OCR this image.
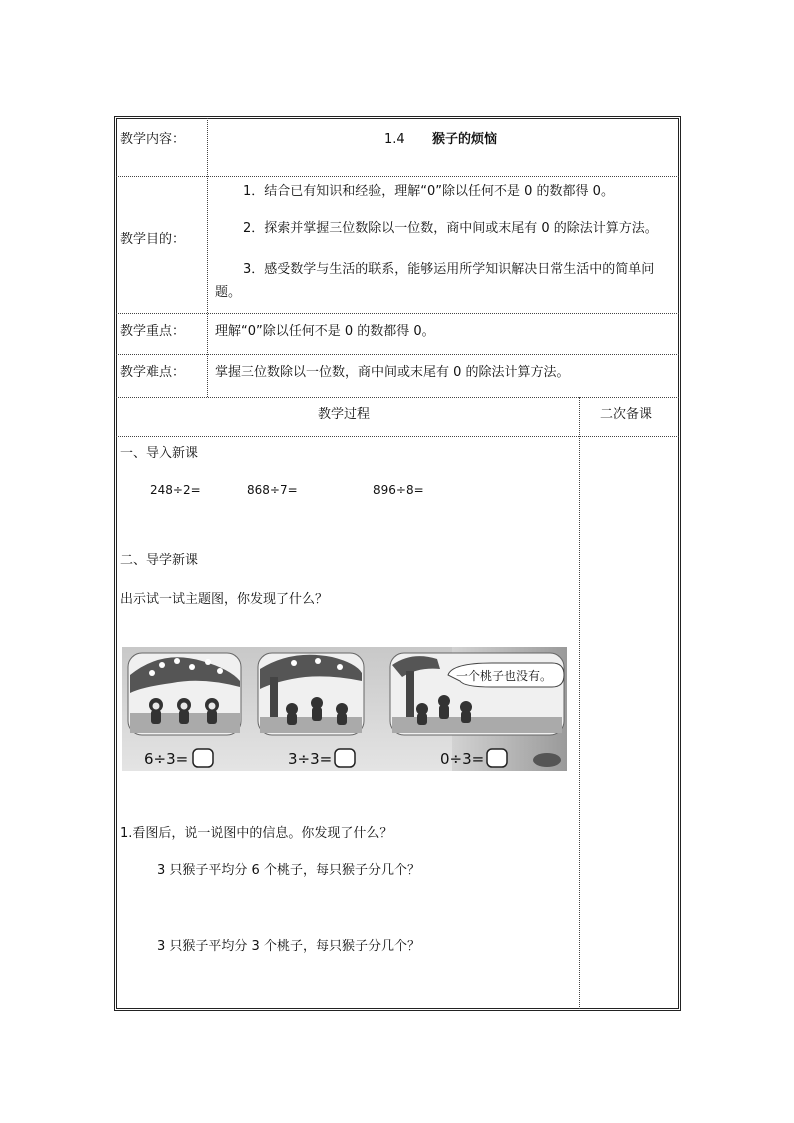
教学内容：	1.4 猴子的烦恼
教学目的：
1．结合已有知识和经验，理解“0”除以任何不是 0 的数都得 0。
2．探索并掌握三位数除以一位数，商中间或末尾有 0 的除法计算方法。
3．感受数学与生活的联系，能够运用所学知识解决日常生活中的简单问题。
教学重点： 理解“0”除以任何不是 0 的数都得 0。
教学难点： 掌握三位数除以一位数，商中间或末尾有 0 的除法计算方法。
教学过程	二次备课
一、导入新课
248÷2=	868÷7=	896÷8=
二、导学新课
出示试一试主题图，你发现了什么？
一个桃子也没有。
6÷3=	3÷3=	0÷3=
1.看图后，说一说图中的信息。你发现了什么？
3 只猴子平均分 6 个桃子，每只猴子分几个？
3 只猴子平均分 3 个桃子，每只猴子分几个？
